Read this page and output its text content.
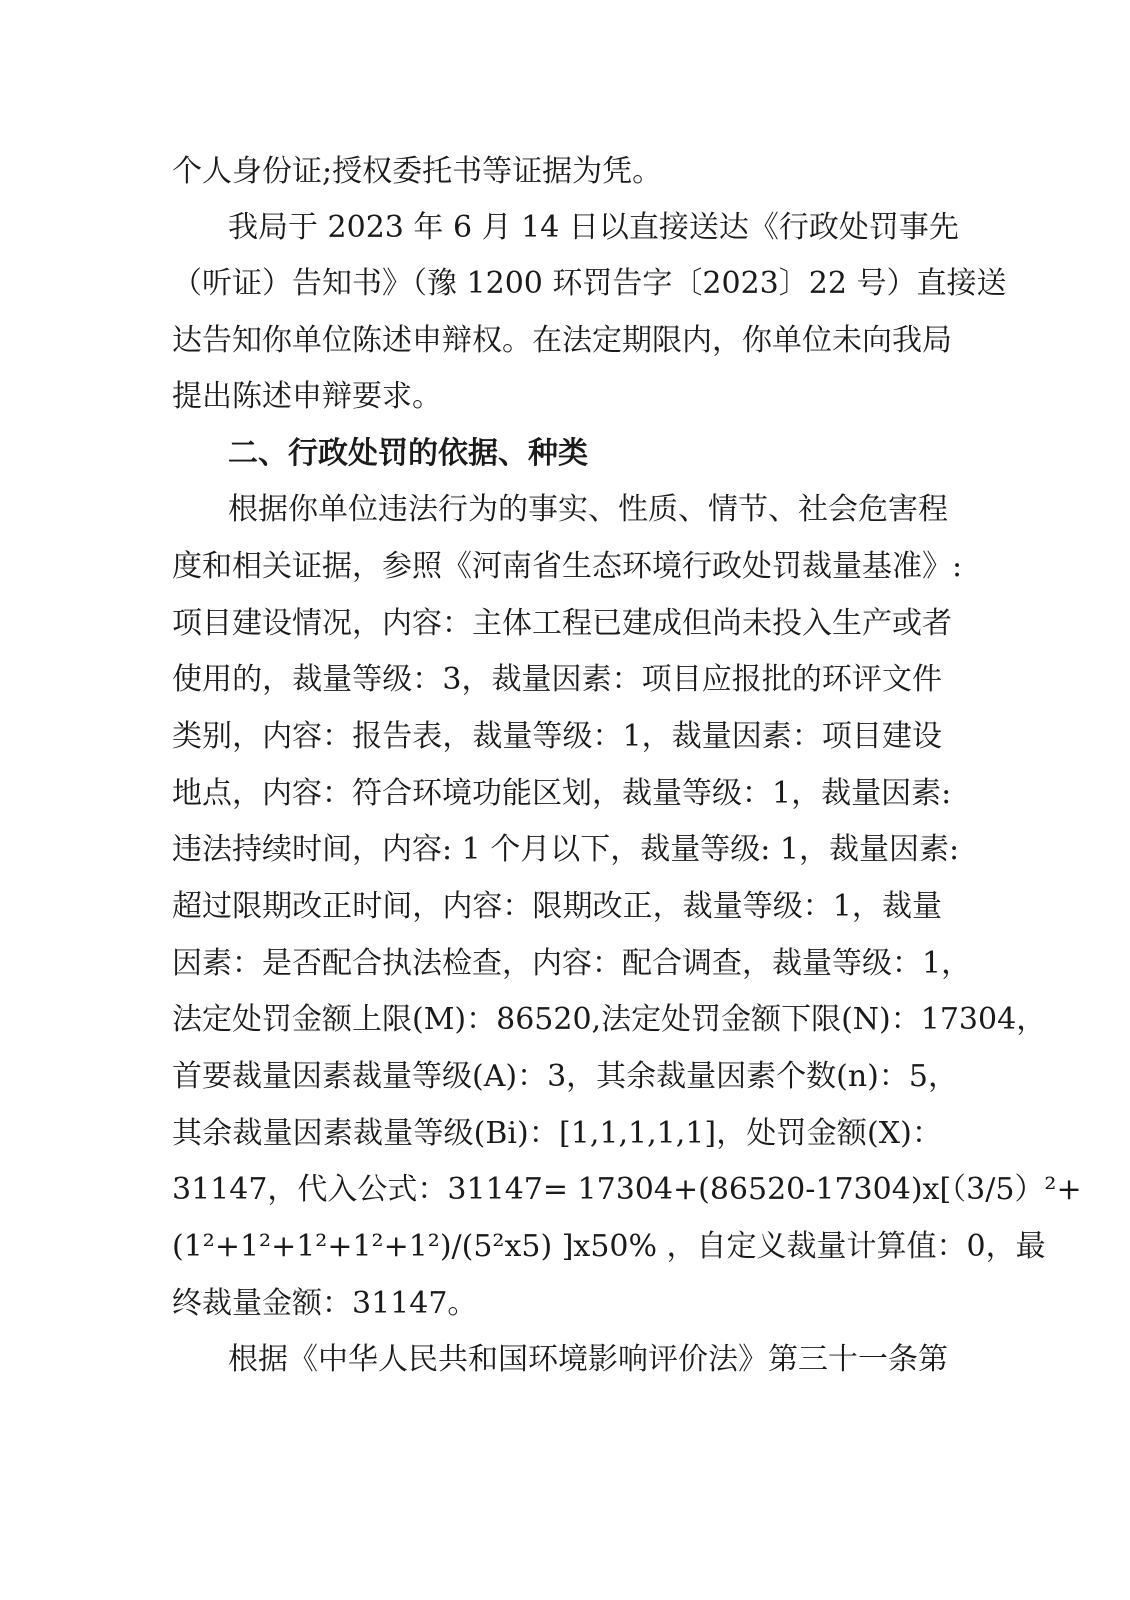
个人身份证;授权委托书等证据为凭。
我局于 2023 年 6 月 14 日以直接送达《行政处罚事先
（听证）告知书》（豫 1200 环罚告字〔2023〕22 号）直接送
达告知你单位陈述申辩权。在法定期限内，你单位未向我局
提出陈述申辩要求。
二、行政处罚的依据、种类
根据你单位违法行为的事实、性质、情节、社会危害程
度和相关证据，参照《河南省生态环境行政处罚裁量基准》:
项目建设情况，内容：主体工程已建成但尚未投入生产或者
使用的，裁量等级：3，裁量因素：项目应报批的环评文件
类别，内容：报告表，裁量等级：1，裁量因素：项目建设
地点，内容：符合环境功能区划，裁量等级：1，裁量因素:
违法持续时间，内容: 1 个月以下，裁量等级: 1，裁量因素:
超过限期改正时间，内容：限期改正，裁量等级：1，裁量
因素：是否配合执法检查，内容：配合调查，裁量等级：1，
法定处罚金额上限(M)：86520,法定处罚金额下限(N)：17304，
首要裁量因素裁量等级(A)：3，其余裁量因素个数(n)：5，
其余裁量因素裁量等级(Bi)：[1,1,1,1,1]，处罚金额(X)：
31147，代入公式：31147= 17304+(86520-17304)x[（3/5）²+
(1²+1²+1²+1²+1²)/(5²x5) ]x50% ，自定义裁量计算值：0，最
终裁量金额：31147。
根据《中华人民共和国环境影响评价法》第三十一条第
